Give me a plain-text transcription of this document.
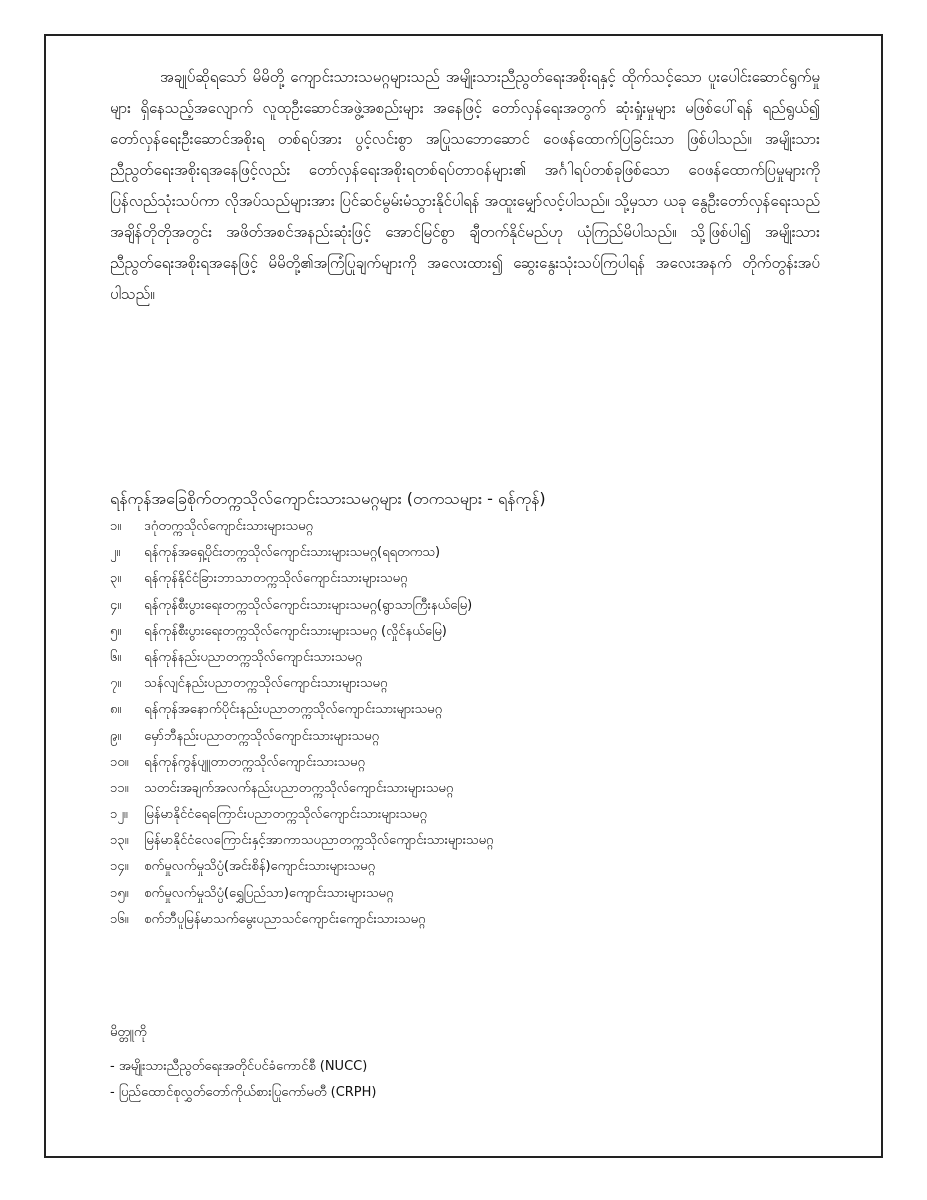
အချုပ်ဆိုရသော် မိမိတို့ ကျောင်းသားသမဂ္ဂများသည် အမျိုးသားညီညွတ်ရေးအစိုးရနှင့် ထိုက်သင့်သော ပူးပေါင်းဆောင်ရွက်မှုများ ရှိနေသည့်အလျောက် လူထုဦးဆောင်အဖွဲ့အစည်းများ အနေဖြင့် တော်လှန်ရေးအတွက် ဆုံးရှုံးမှုများ မဖြစ်ပေါ်ရန် ရည်ရွယ်၍ တော်လှန်ရေးဦးဆောင်အစိုးရ တစ်ရပ်အား ပွင့်လင်းစွာ အပြုသဘောဆောင် ဝေဖန်ထောက်ပြခြင်းသာ ဖြစ်ပါသည်။ အမျိုးသားညီညွတ်ရေးအစိုးရအနေဖြင့်လည်း တော်လှန်ရေးအစိုးရတစ်ရပ်တာဝန်များ၏ အင်္ဂါရပ်တစ်ခုဖြစ်သော ဝေဖန်ထောက်ပြမှုများကို ပြန်လည်သုံးသပ်ကာ လိုအပ်သည်များအား ပြင်ဆင်မွမ်းမံသွားနိုင်ပါရန် အထူးမျှော်လင့်ပါသည်။ သို့မှသာ ယခု နွေဦးတော်လှန်ရေးသည် အချိန်တိုတိုအတွင်း အဖိတ်အစင်အနည်းဆုံးဖြင့် အောင်မြင်စွာ ချီတက်နိုင်မည်ဟု ယုံကြည်မိပါသည်။ သို့ဖြစ်ပါ၍ အမျိုးသားညီညွတ်ရေးအစိုးရအနေဖြင့် မိမိတို့၏အကြံပြုချက်များကို အလေးထား၍ ဆွေးနွေးသုံးသပ်ကြပါရန် အလေးအနက် တိုက်တွန်းအပ်ပါသည်။

ရန်ကုန်အခြေစိုက်တက္ကသိုလ်ကျောင်းသားသမဂ္ဂများ (တကသများ - ရန်ကုန်)
၁။ ဒဂုံတက္ကသိုလ်ကျောင်းသားများသမဂ္ဂ
၂။ ရန်ကုန်အရှေ့ပိုင်းတက္ကသိုလ်ကျောင်းသားများသမဂ္ဂ(ရရတကသ)
၃။ ရန်ကုန်နိုင်ငံခြားဘာသာတက္ကသိုလ်ကျောင်းသားများသမဂ္ဂ
၄။ ရန်ကုန်စီးပွားရေးတက္ကသိုလ်ကျောင်းသားများသမဂ္ဂ(ရွာသာကြီးနယ်မြေ)
၅။ ရန်ကုန်စီးပွားရေးတက္ကသိုလ်ကျောင်းသားများသမဂ္ဂ (လှိုင်နယ်မြေ)
၆။ ရန်ကုန်နည်းပညာတက္ကသိုလ်ကျောင်းသားသမဂ္ဂ
၇။ သန်လျင်နည်းပညာတက္ကသိုလ်ကျောင်းသားများသမဂ္ဂ
၈။ ရန်ကုန်အနောက်ပိုင်းနည်းပညာတက္ကသိုလ်ကျောင်းသားများသမဂ္ဂ
၉။ မှော်ဘီနည်းပညာတက္ကသိုလ်ကျောင်းသားများသမဂ္ဂ
၁၀။ ရန်ကုန်ကွန်ပျူတာတက္ကသိုလ်ကျောင်းသားသမဂ္ဂ
၁၁။ သတင်းအချက်အလက်နည်းပညာတက္ကသိုလ်ကျောင်းသားများသမဂ္ဂ
၁၂။ မြန်မာနိုင်ငံရေကြောင်းပညာတက္ကသိုလ်ကျောင်းသားများသမဂ္ဂ
၁၃။ မြန်မာနိုင်ငံလေကြောင်းနှင့်အာကာသပညာတက္ကသိုလ်ကျောင်းသားများသမဂ္ဂ
၁၄။ စက်မှုလက်မှုသိပ္ပံ(အင်းစိန်)ကျောင်းသားများသမဂ္ဂ
၁၅။ စက်မှုလက်မှုသိပ္ပံ(ရွှေပြည်သာ)ကျောင်းသားများသမဂ္ဂ
၁၆။ စက်ဘီပူမြန်မာသက်မွေးပညာသင်ကျောင်းကျောင်းသားသမဂ္ဂ

မိတ္တူကို

- အမျိုးသားညီညွတ်ရေးအတိုင်ပင်ခံကောင်စီ (NUCC)

- ပြည်ထောင်စုလွှတ်တော်ကိုယ်စားပြုကော်မတီ (CRPH)
